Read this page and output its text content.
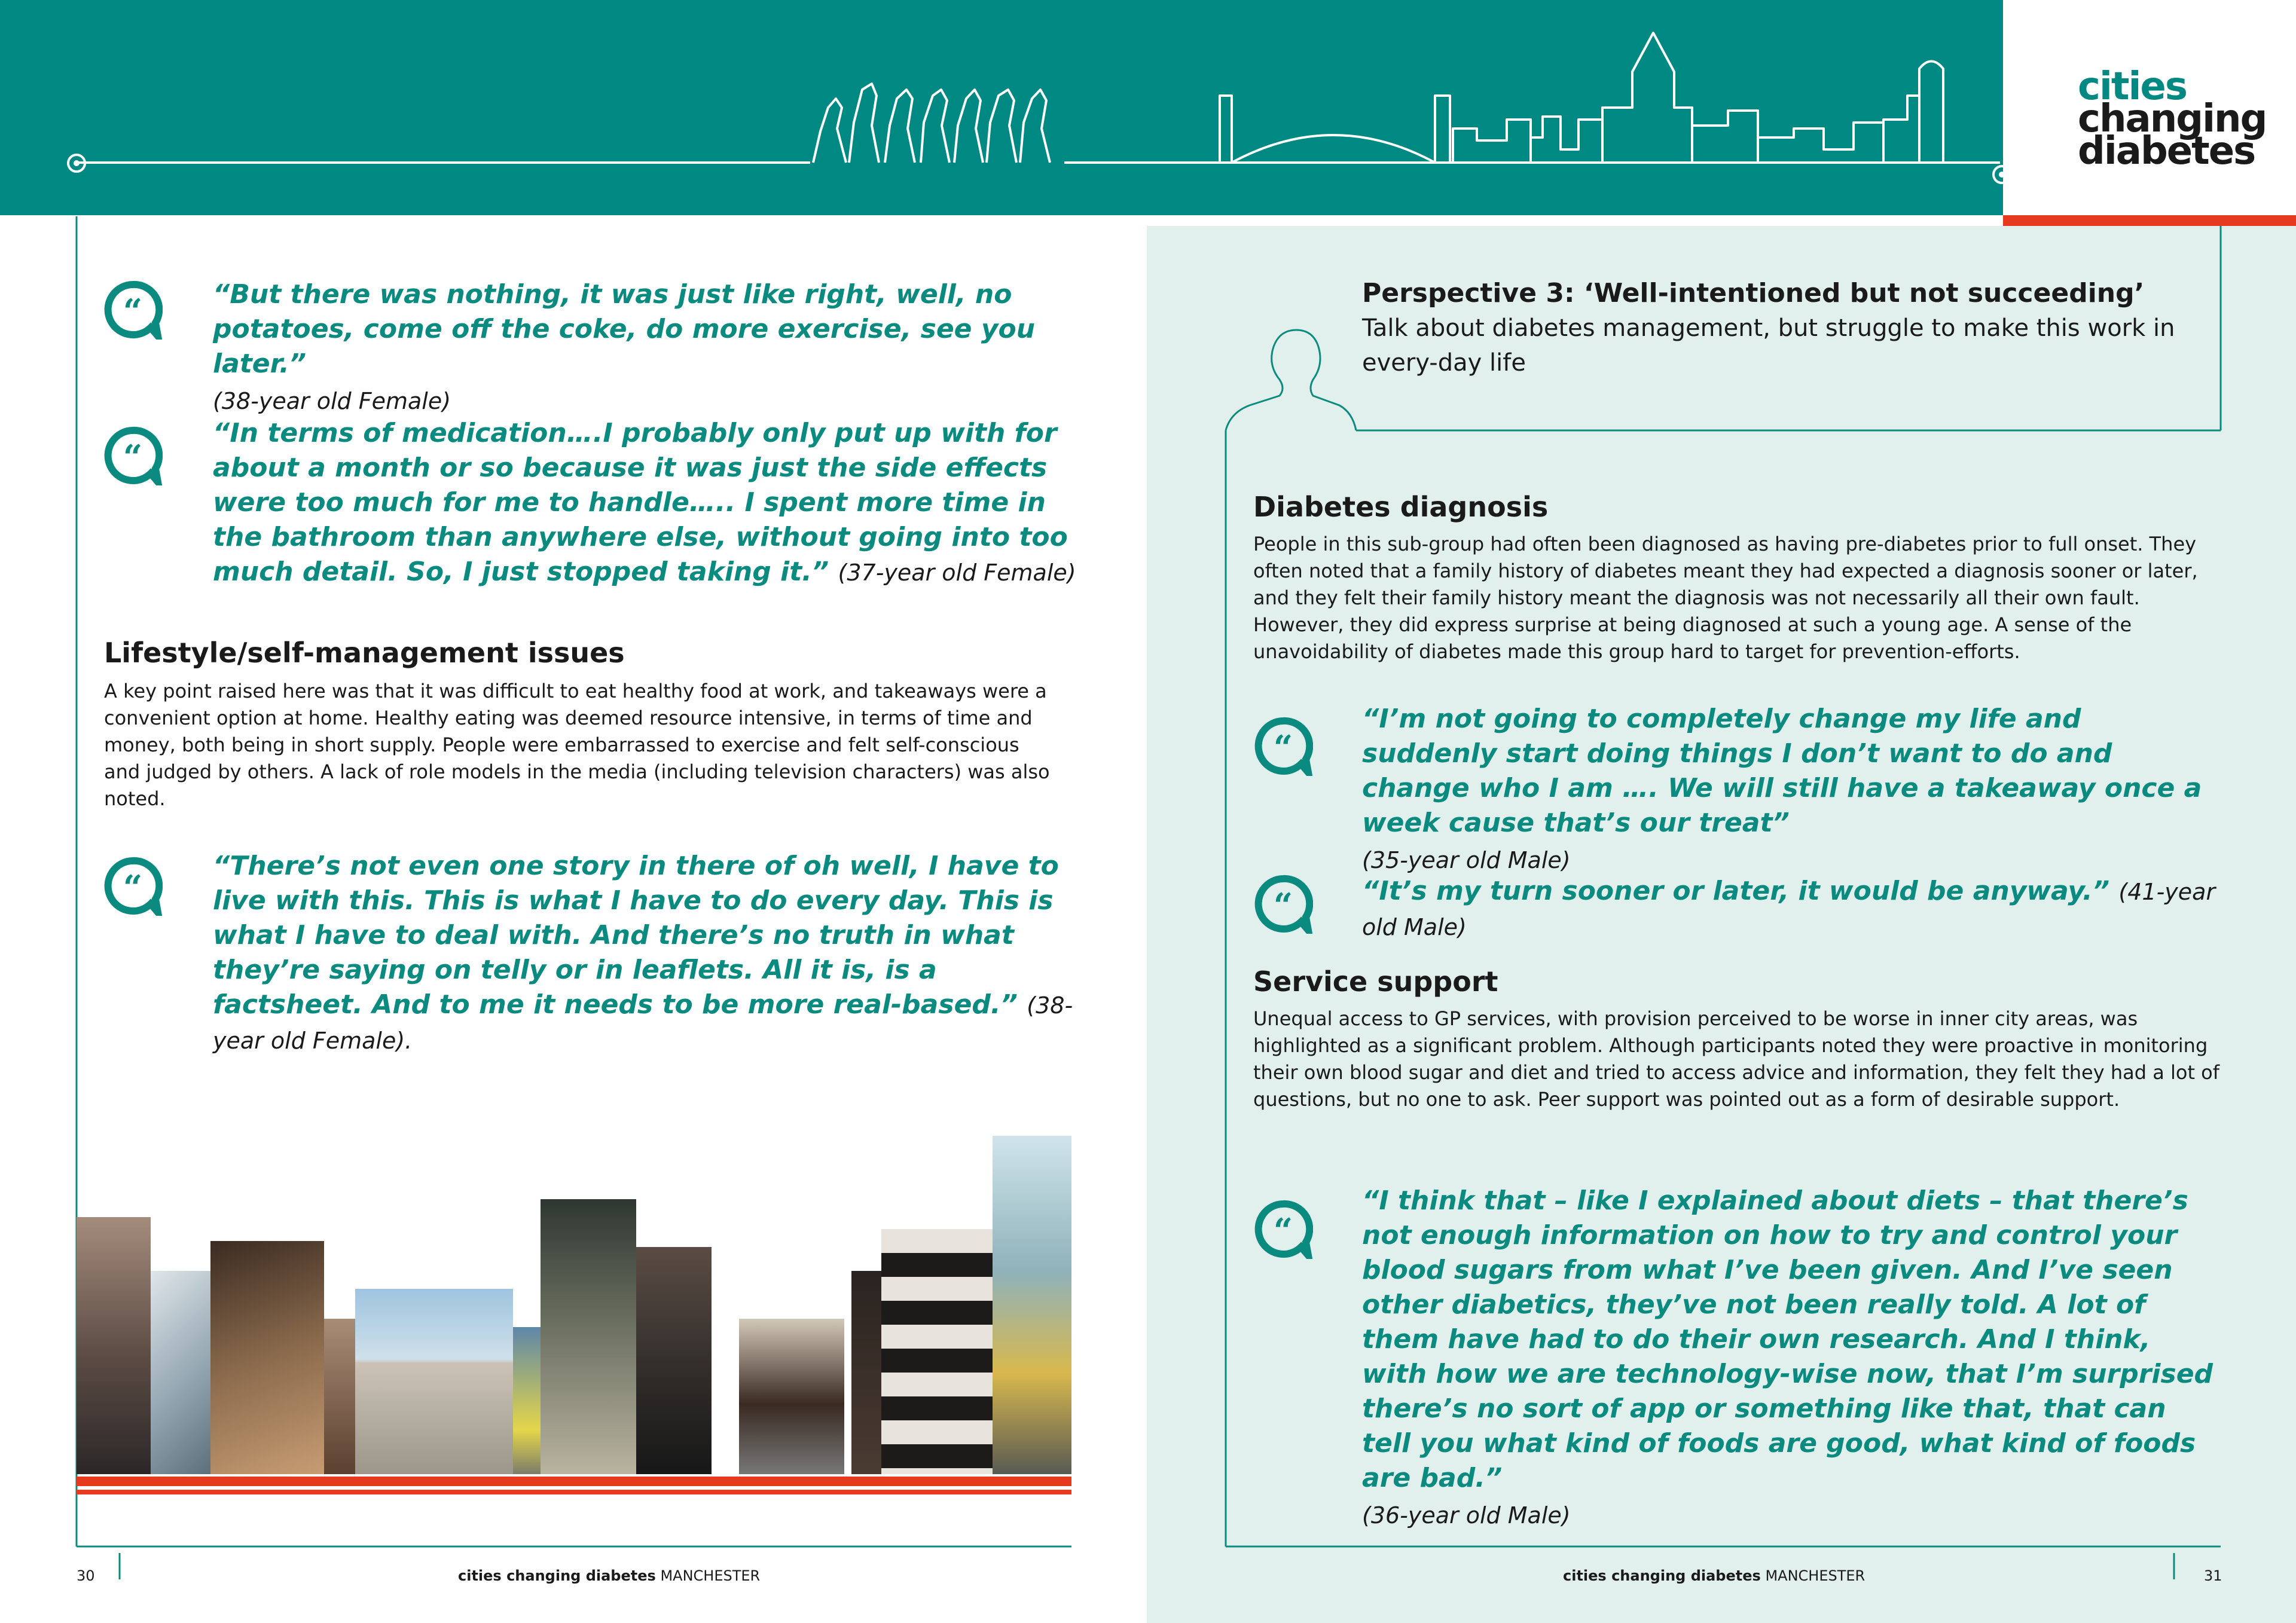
cities
changing
diabetes
“	“But there was nothing, it was just like right, well, no potatoes, come off the coke, do more exercise, see you later.”
(38-year old Female)
“
“In terms of medication….I probably only put up with for about a month or so because it was just the side effects were too much for me to handle….. I spent more time in the bathroom than anywhere else, without going into too much detail. So, I just stopped taking it.” (37-year old Female)
Lifestyle/self-management issues
A key point raised here was that it was difficult to eat healthy food at work, and takeaways were a convenient option at home. Healthy eating was deemed resource intensive, in terms of time and money, both being in short supply. People were embarrassed to exercise and felt self-conscious and judged by others. A lack of role models in the media (including television characters) was also noted.
“
“There’s not even one story in there of oh well, I have to live with this. This is what I have to do every day. This is what I have to deal with. And there’s no truth in what they’re saying on telly or in leaflets. All it is, is a factsheet. And to me it needs to be more real-based.” (38-year old Female).
Perspective 3: ‘Well-intentioned but not succeeding’
Talk about diabetes management, but struggle to make this work in every-day life
Diabetes diagnosis
People in this sub-group had often been diagnosed as having pre-diabetes prior to full onset. They often noted that a family history of diabetes meant they had expected a diagnosis sooner or later, and they felt their family history meant the diagnosis was not necessarily all their own fault. However, they did express surprise at being diagnosed at such a young age. A sense of the unavoidability of diabetes made this group hard to target for prevention-efforts.
“
“I’m not going to completely change my life and suddenly start doing things I don’t want to do and change who I am …. We will still have a takeaway once a week cause that’s our treat”
(35-year old Male)
“	“It’s my turn sooner or later, it would be anyway.” (41-year old Male)
Service support
Unequal access to GP services, with provision perceived to be worse in inner city areas, was highlighted as a significant problem. Although participants noted they were proactive in monitoring their own blood sugar and diet and tried to access advice and information, they felt they had a lot of questions, but no one to ask. Peer support was pointed out as a form of desirable support.
“
“I think that – like I explained about diets – that there’s not enough information on how to try and control your blood sugars from what I’ve been given. And I’ve seen other diabetics, they’ve not been really told. A lot of them have had to do their own research. And I think, with how we are technology-wise now, that I’m surprised there’s no sort of app or something like that, that can tell you what kind of foods are good, what kind of foods are bad.”
(36-year old Male)
30	cities changing diabetes MANCHESTER	cities changing diabetes MANCHESTER	31
